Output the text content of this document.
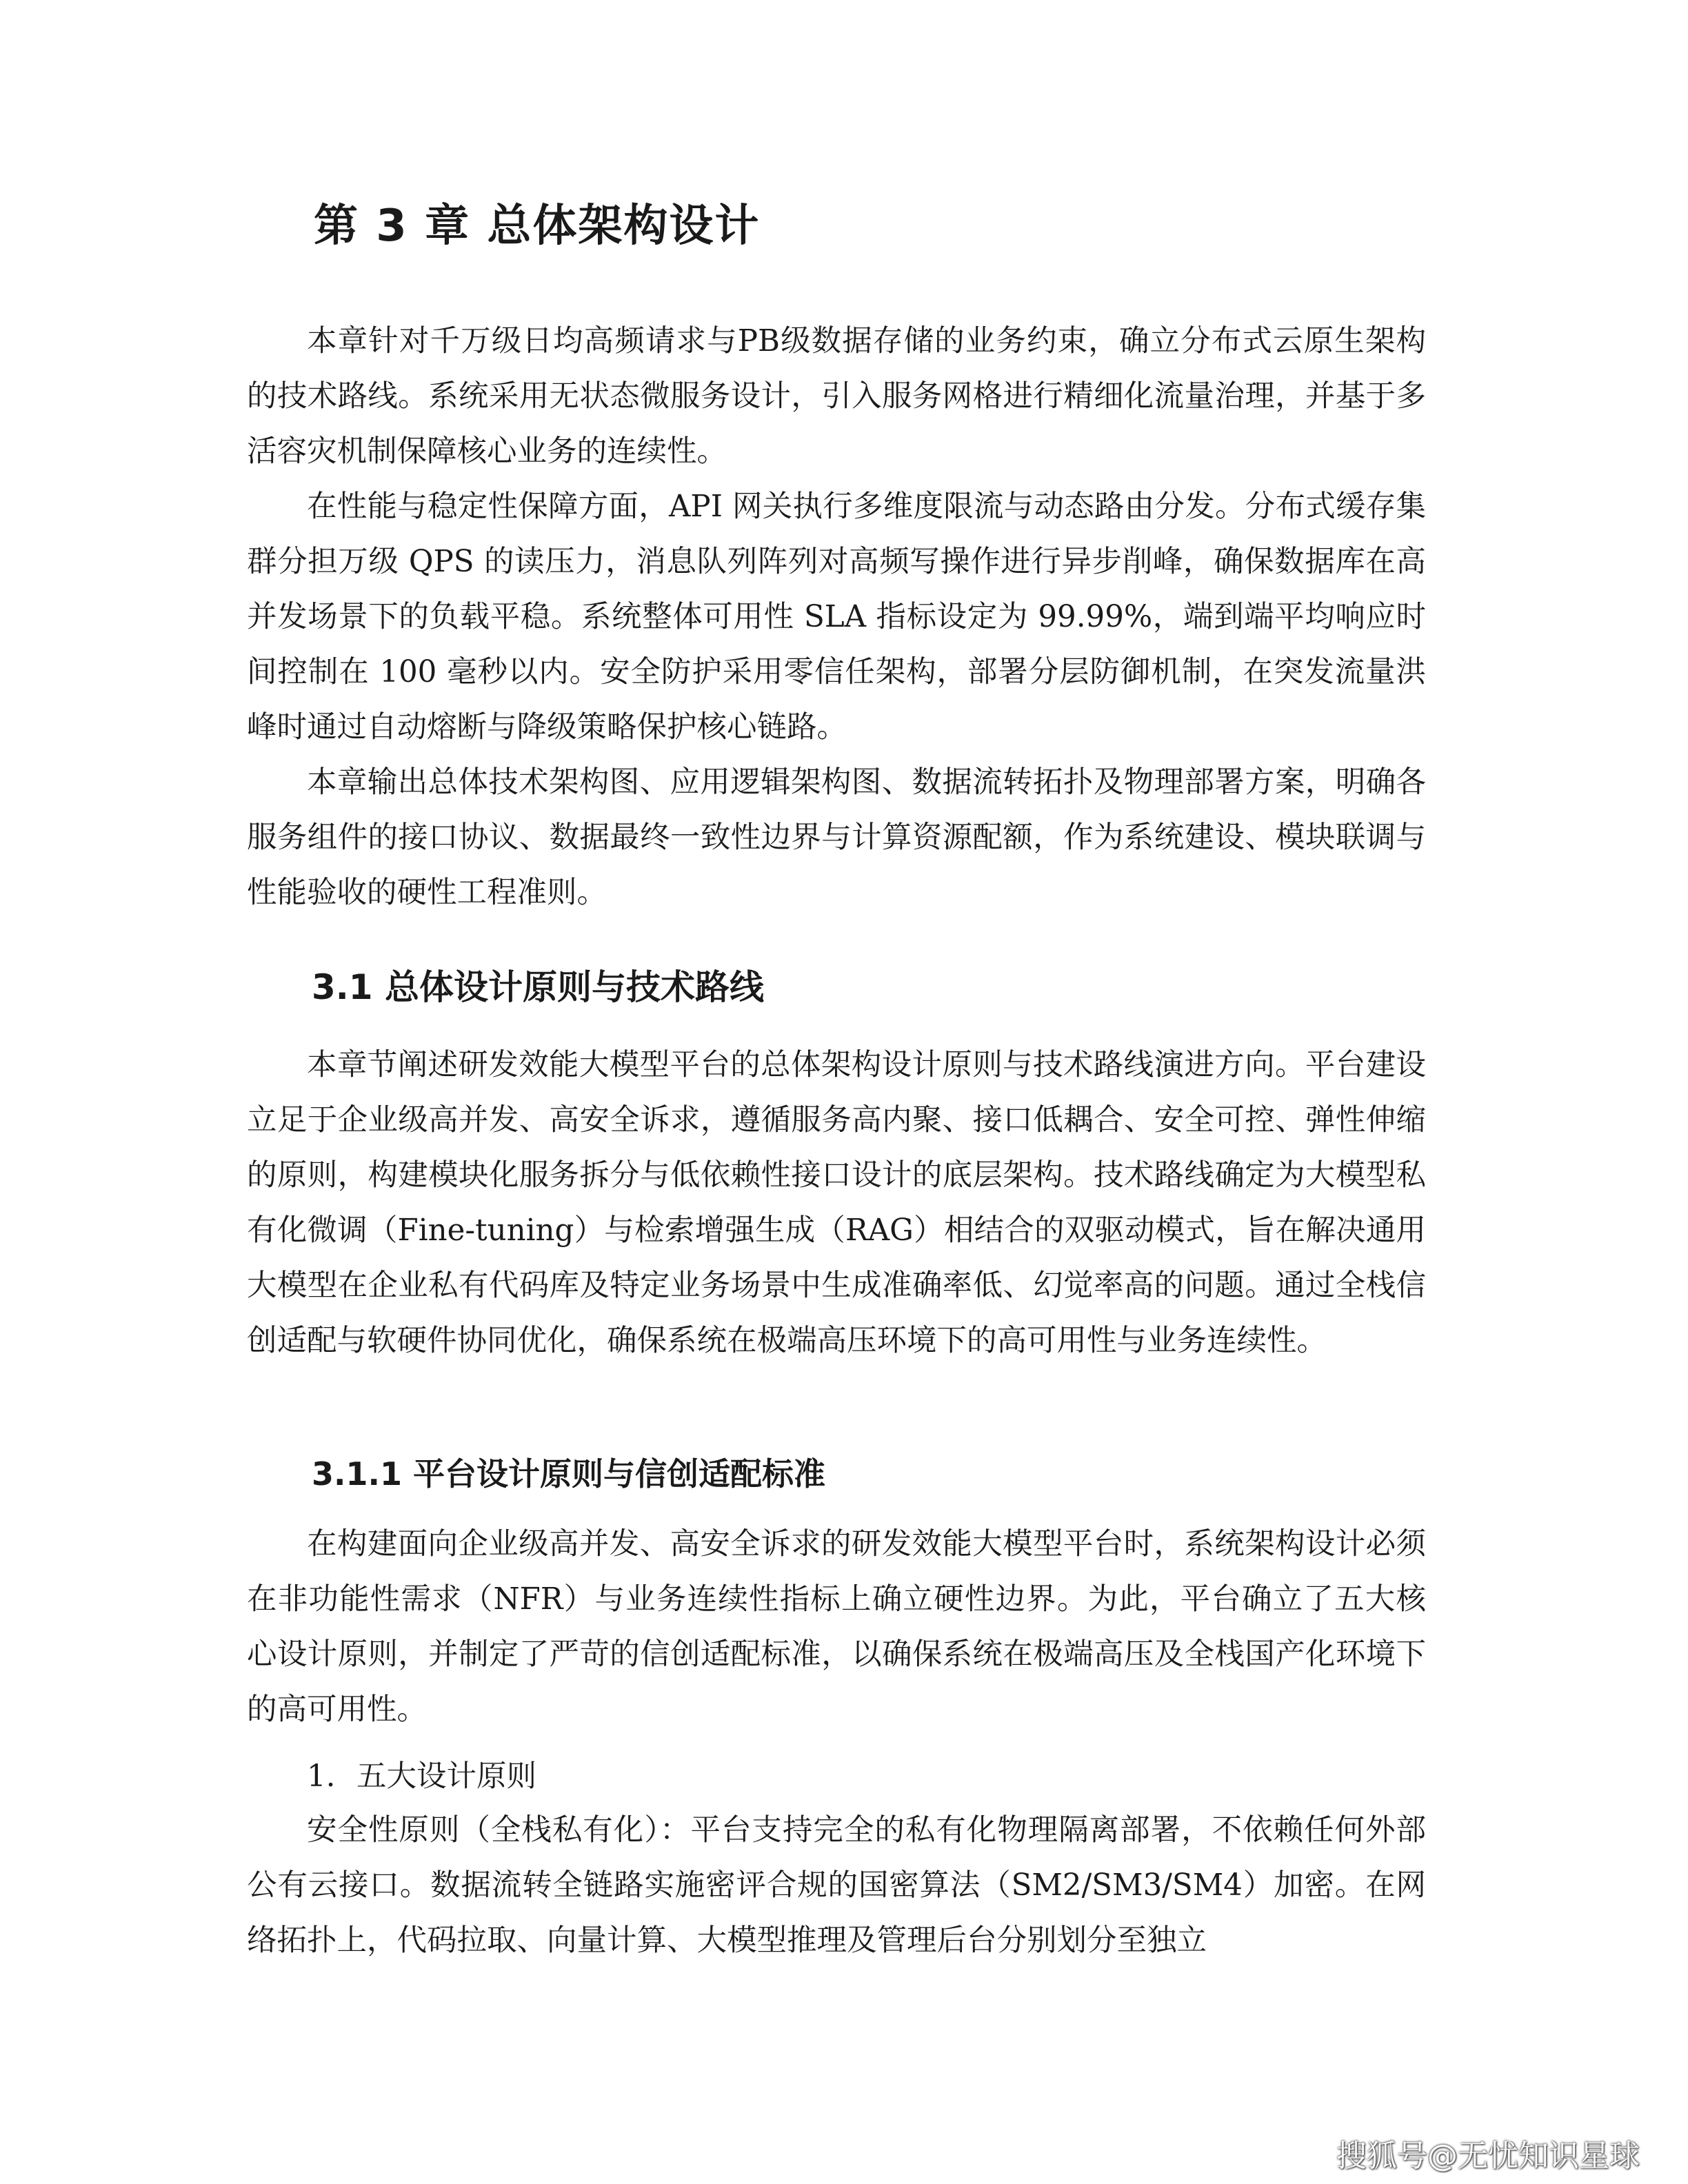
第 3 章 总体架构设计

本章针对千万级日均高频请求与PB级数据存储的业务约束，确立分布式云原生架构的技术路线。系统采用无状态微服务设计，引入服务网格进行精细化流量治理，并基于多活容灾机制保障核心业务的连续性。

在性能与稳定性保障方面，API 网关执行多维度限流与动态路由分发。分布式缓存集群分担万级 QPS 的读压力，消息队列阵列对高频写操作进行异步削峰，确保数据库在高并发场景下的负载平稳。系统整体可用性 SLA 指标设定为 99.99%，端到端平均响应时间控制在 100 毫秒以内。安全防护采用零信任架构，部署分层防御机制，在突发流量洪峰时通过自动熔断与降级策略保护核心链路。

本章输出总体技术架构图、应用逻辑架构图、数据流转拓扑及物理部署方案，明确各服务组件的接口协议、数据最终一致性边界与计算资源配额，作为系统建设、模块联调与性能验收的硬性工程准则。

3.1 总体设计原则与技术路线

本章节阐述研发效能大模型平台的总体架构设计原则与技术路线演进方向。平台建设立足于企业级高并发、高安全诉求，遵循服务高内聚、接口低耦合、安全可控、弹性伸缩的原则，构建模块化服务拆分与低依赖性接口设计的底层架构。技术路线确定为大模型私有化微调（Fine-tuning）与检索增强生成（RAG）相结合的双驱动模式，旨在解决通用大模型在企业私有代码库及特定业务场景中生成准确率低、幻觉率高的问题。通过全栈信创适配与软硬件协同优化，确保系统在极端高压环境下的高可用性与业务连续性。

3.1.1 平台设计原则与信创适配标准

在构建面向企业级高并发、高安全诉求的研发效能大模型平台时，系统架构设计必须在非功能性需求（NFR）与业务连续性指标上确立硬性边界。为此，平台确立了五大核心设计原则，并制定了严苛的信创适配标准，以确保系统在极端高压及全栈国产化环境下的高可用性。

1. 五大设计原则

安全性原则（全栈私有化）：平台支持完全的私有化物理隔离部署，不依赖任何外部公有云接口。数据流转全链路实施密评合规的国密算法（SM2/SM3/SM4）加密。在网络拓扑上，代码拉取、向量计算、大模型推理及管理后台分别划分至独立

搜狐号@无忧知识星球
